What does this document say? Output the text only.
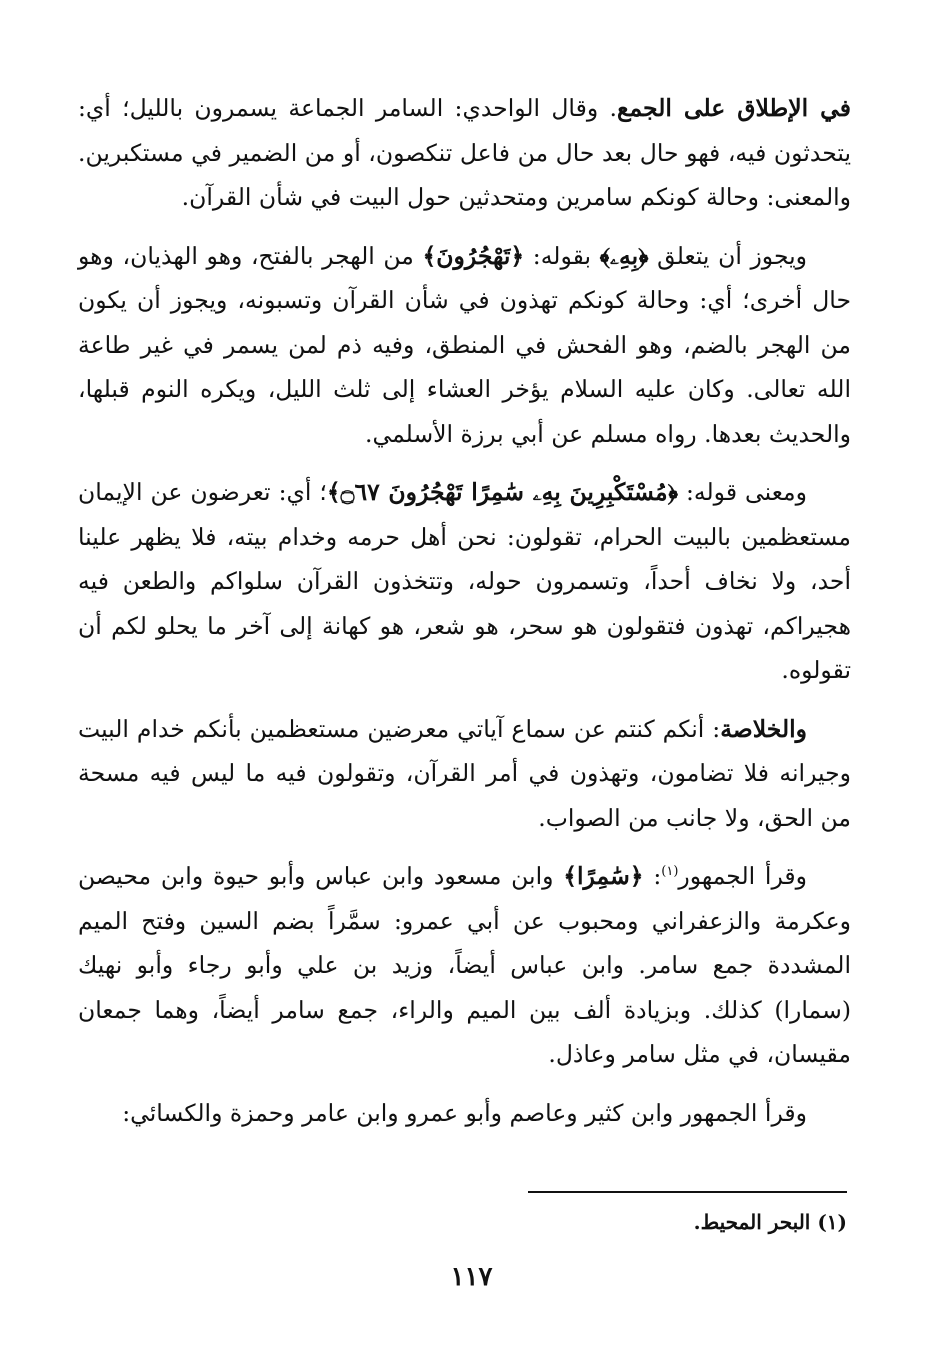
في الإطلاق على الجمع. وقال الواحدي: السامر الجماعة يسمرون بالليل؛ أي: يتحدثون فيه، فهو حال بعد حال من فاعل تنكصون، أو من الضمير في مستكبرين. والمعنى: وحالة كونكم سامرين ومتحدثين حول البيت في شأن القرآن.

ويجوز أن يتعلق ﴿بِهِۦ﴾ بقوله: ﴿تَهْجُرُونَ﴾ من الهجر بالفتح، وهو الهذيان، وهو حال أخرى؛ أي: وحالة كونكم تهذون في شأن القرآن وتسبونه، ويجوز أن يكون من الهجر بالضم، وهو الفحش في المنطق، وفيه ذم لمن يسمر في غير طاعة الله تعالى. وكان عليه السلام يؤخر العشاء إلى ثلث الليل، ويكره النوم قبلها، والحديث بعدها. رواه مسلم عن أبي برزة الأسلمي.

ومعنى قوله: ﴿مُسْتَكْبِرِينَ بِهِۦ سَٰمِرًا تَهْجُرُونَ ۝٦٧﴾؛ أي: تعرضون عن الإيمان مستعظمين بالبيت الحرام، تقولون: نحن أهل حرمه وخدام بيته، فلا يظهر علينا أحد، ولا نخاف أحداً، وتسمرون حوله، وتتخذون القرآن سلواكم والطعن فيه هجيراكم، تهذون فتقولون هو سحر، هو شعر، هو كهانة إلى آخر ما يحلو لكم أن تقولوه.

والخلاصة: أنكم كنتم عن سماع آياتي معرضين مستعظمين بأنكم خدام البيت وجيرانه فلا تضامون، وتهذون في أمر القرآن، وتقولون فيه ما ليس فيه مسحة من الحق، ولا جانب من الصواب.

وقرأ الجمهور$^{(١)}$: ﴿سَٰمِرًا﴾ وابن مسعود وابن عباس وأبو حيوة وابن محيصن وعكرمة والزعفراني ومحبوب عن أبي عمرو: سمَّراً بضم السين وفتح الميم المشددة جمع سامر. وابن عباس أيضاً، وزيد بن علي وأبو رجاء وأبو نهيك (سمارا) كذلك. وبزيادة ألف بين الميم والراء، جمع سامر أيضاً، وهما جمعان مقيسان، في مثل سامر وعاذل.

وقرأ الجمهور وابن كثير وعاصم وأبو عمرو وابن عامر وحمزة والكسائي:

(١) البحر المحيط.
١١٧
